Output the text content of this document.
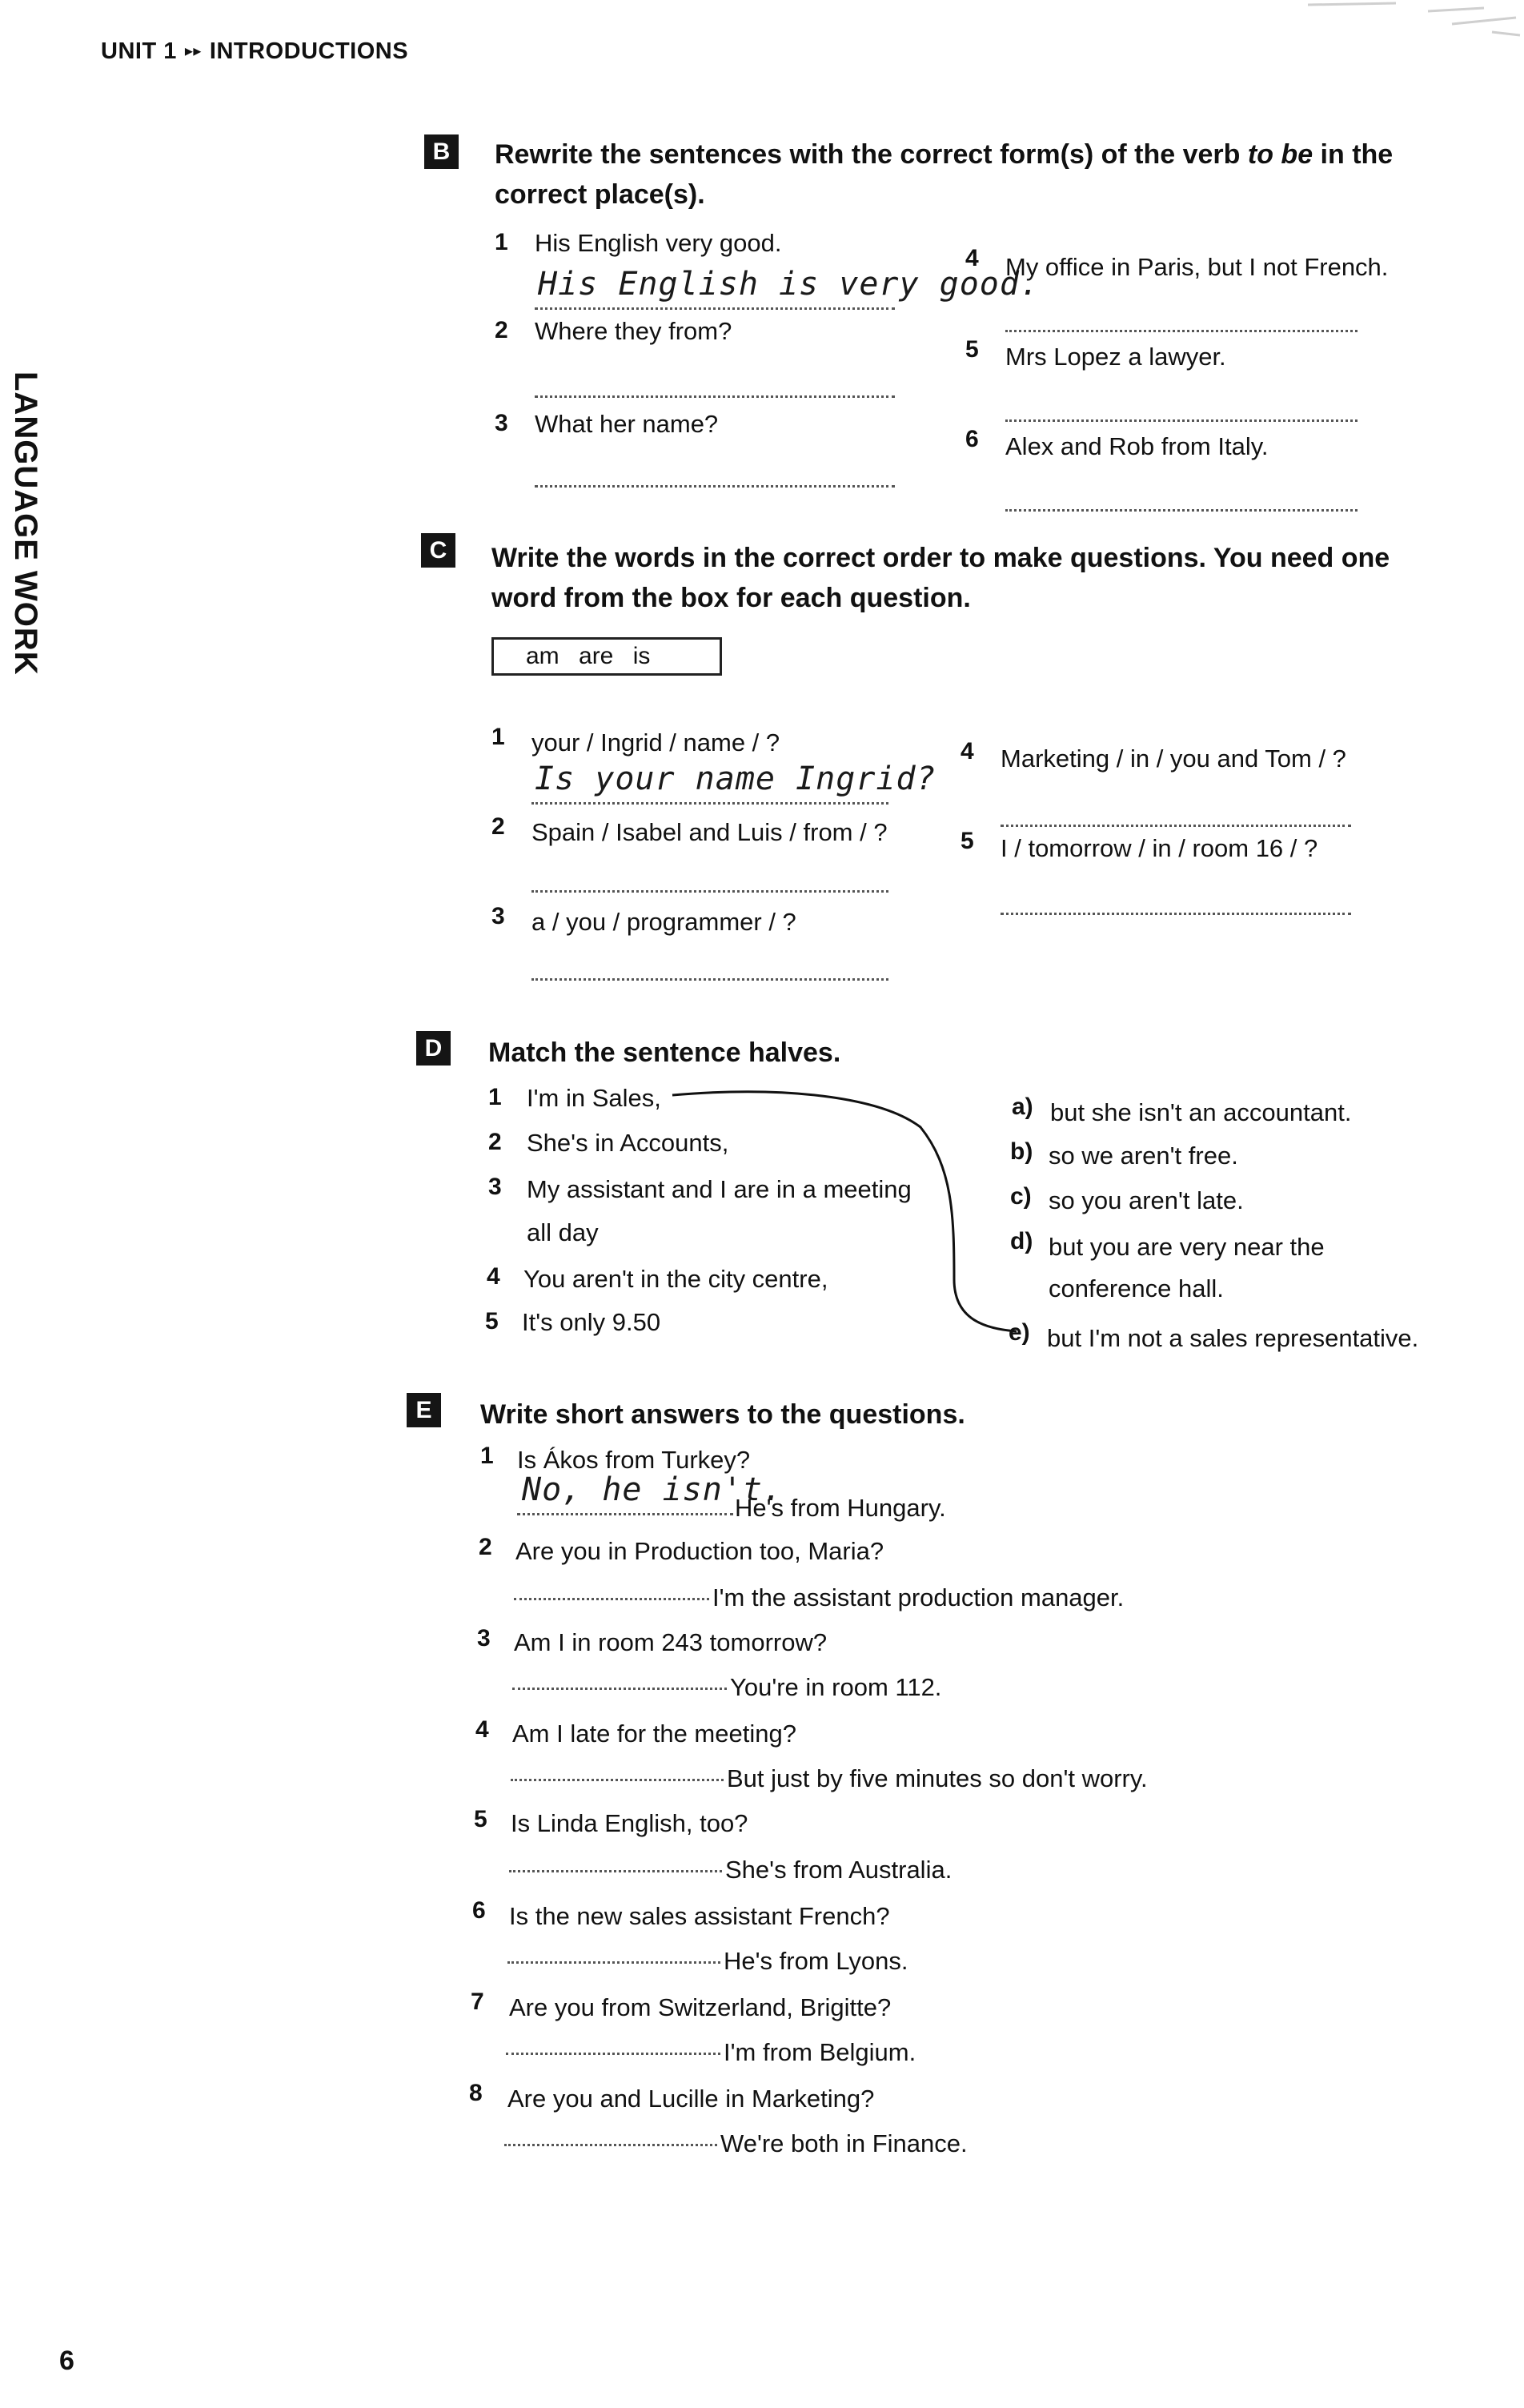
UNIT 1 ▸▸ INTRODUCTIONS
LANGUAGE WORK
B	Rewrite the sentences with the correct form(s) of the verb to be in the correct place(s).
1 His English very good.
His English is very good.
2 Where they from?
3 What her name?
4 My office in Paris, but I not French.
5 Mrs Lopez a lawyer.
6 Alex and Rob from Italy.
C	Write the words in the correct order to make questions. You need one word from the box for each question.
am are is
1 your / Ingrid / name / ?
Is your name Ingrid?
2 Spain / Isabel and Luis / from / ?
3 a / you / programmer / ?
4 Marketing / in / you and Tom / ?
5 I / tomorrow / in / room 16 / ?
D	Match the sentence halves.
1 I'm in Sales,
2 She's in Accounts,
3 My assistant and I are in a meeting
all day
4 You aren't in the city centre,
5 It's only 9.50
a) but she isn't an accountant.
b) so we aren't free.
c) so you aren't late.
d) but you are very near the
conference hall.
e) but I'm not a sales representative.
E	Write short answers to the questions.
1 Is Ákos from Turkey?
No, he isn't.
He's from Hungary.
2 Are you in Production too, Maria?
I'm the assistant production manager.
3 Am I in room 243 tomorrow?
You're in room 112.
4 Am I late for the meeting?
But just by five minutes so don't worry.
5 Is Linda English, too?
She's from Australia.
6 Is the new sales assistant French?
He's from Lyons.
7 Are you from Switzerland, Brigitte?
I'm from Belgium.
8 Are you and Lucille in Marketing?
We're both in Finance.
6
